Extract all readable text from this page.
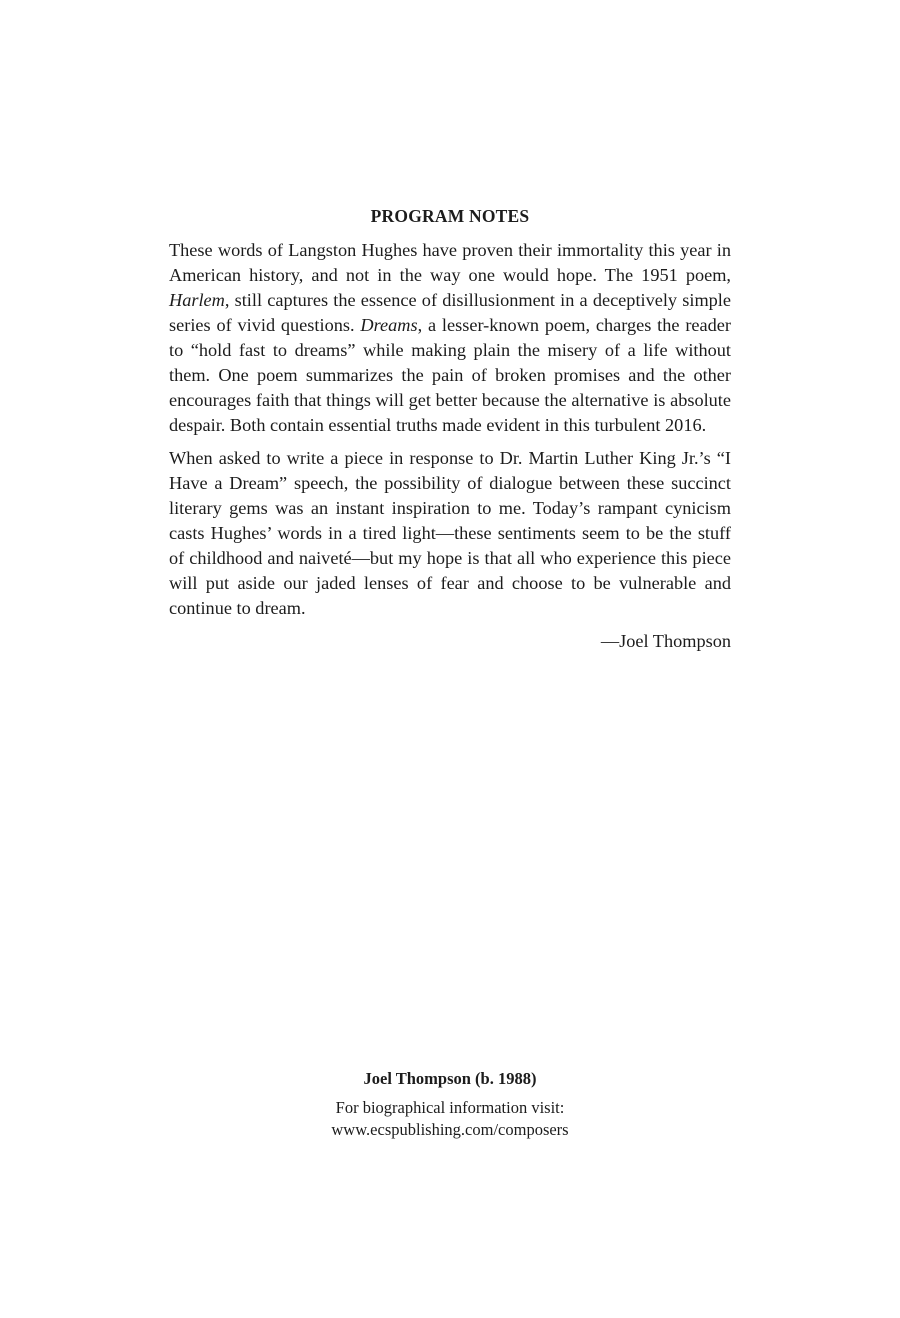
PROGRAM NOTES

These words of Langston Hughes have proven their immortality this year in American history, and not in the way one would hope. The 1951 poem, Harlem, still captures the essence of disillusionment in a deceptively simple series of vivid questions. Dreams, a lesser-known poem, charges the reader to “hold fast to dreams” while making plain the misery of a life without them. One poem summarizes the pain of broken promises and the other encourages faith that things will get better because the alternative is absolute despair. Both contain essential truths made evident in this turbulent 2016.

When asked to write a piece in response to Dr. Martin Luther King Jr.’s “I Have a Dream” speech, the possibility of dialogue between these succinct literary gems was an instant inspiration to me. Today’s rampant cynicism casts Hughes’ words in a tired light—these sentiments seem to be the stuff of childhood and naiveté—but my hope is that all who experience this piece will put aside our jaded lenses of fear and choose to be vulnerable and continue to dream.

—Joel Thompson
Joel Thompson (b. 1988)
For biographical information visit:
www.ecspublishing.com/composers
